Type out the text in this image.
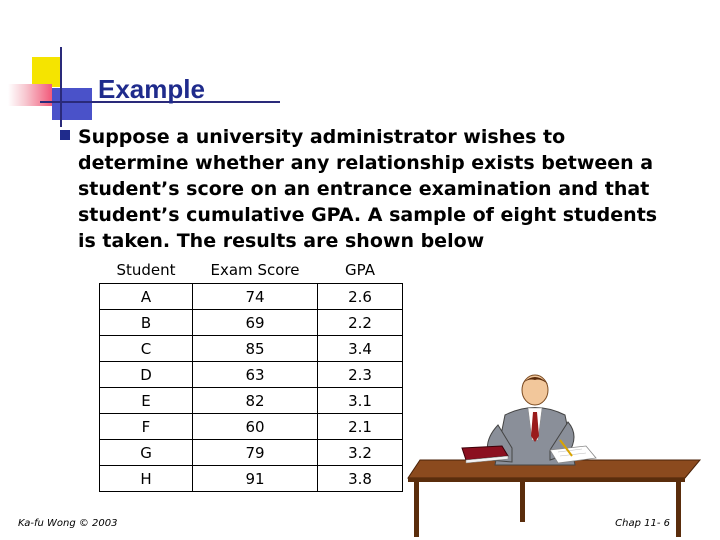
Example
Suppose a university administrator wishes to determine whether any relationship exists between a student’s score on an entrance examination and that student’s cumulative GPA. A sample of eight students is taken. The results are shown below
Student	Exam Score	GPA
A	74	2.6
B	69	2.2
C	85	3.4
D	63	2.3
E	82	3.1
F	60	2.1
G	79	3.2
H	91	3.8
Ka-fu Wong © 2003	Chap 11- 6
